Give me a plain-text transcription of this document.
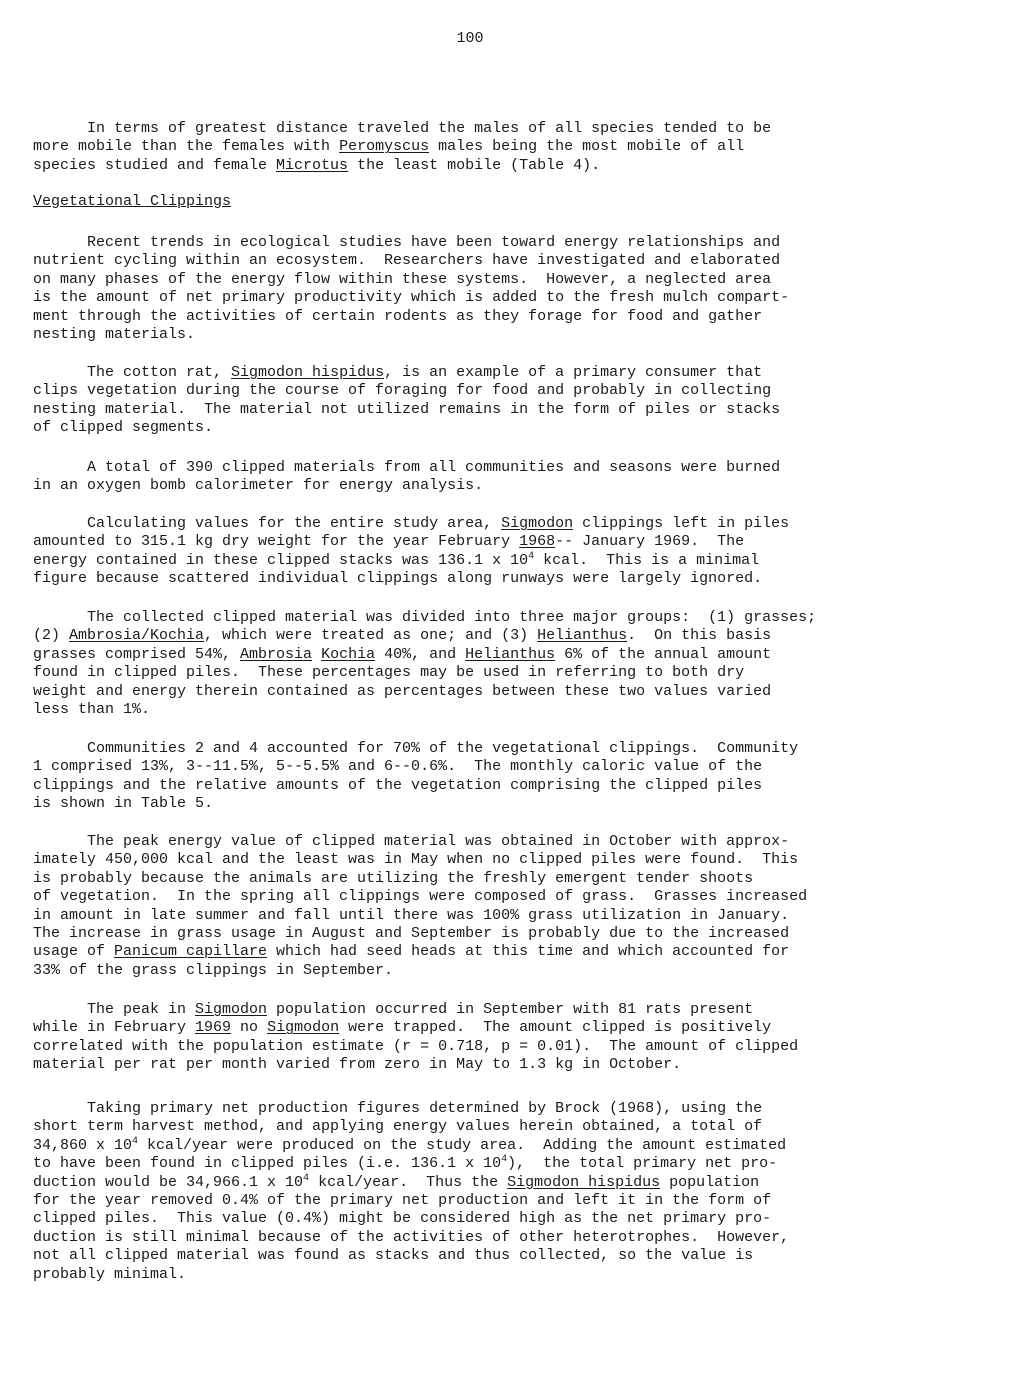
100
In terms of greatest distance traveled the males of all species tended to be
more mobile than the females with Peromyscus males being the most mobile of all
species studied and female Microtus the least mobile (Table 4).
Vegetational Clippings
Recent trends in ecological studies have been toward energy relationships and
nutrient cycling within an ecosystem.  Researchers have investigated and elaborated
on many phases of the energy flow within these systems.  However, a neglected area
is the amount of net primary productivity which is added to the fresh mulch compart-
ment through the activities of certain rodents as they forage for food and gather
nesting materials.
The cotton rat, Sigmodon hispidus, is an example of a primary consumer that
clips vegetation during the course of foraging for food and probably in collecting
nesting material.  The material not utilized remains in the form of piles or stacks
of clipped segments.
A total of 390 clipped materials from all communities and seasons were burned
in an oxygen bomb calorimeter for energy analysis.
Calculating values for the entire study area, Sigmodon clippings left in piles
amounted to 315.1 kg dry weight for the year February 1968-- January 1969.  The
energy contained in these clipped stacks was 136.1 x $10^4$ kcal.  This is a minimal
figure because scattered individual clippings along runways were largely ignored.
The collected clipped material was divided into three major groups:  (1) grasses;
(2) Ambrosia/Kochia, which were treated as one; and (3) Helianthus.  On this basis
grasses comprised 54%, Ambrosia Kochia 40%, and Helianthus 6% of the annual amount
found in clipped piles.  These percentages may be used in referring to both dry
weight and energy therein contained as percentages between these two values varied
less than 1%.
Communities 2 and 4 accounted for 70% of the vegetational clippings.  Community
1 comprised 13%, 3--11.5%, 5--5.5% and 6--0.6%.  The monthly caloric value of the
clippings and the relative amounts of the vegetation comprising the clipped piles
is shown in Table 5.
The peak energy value of clipped material was obtained in October with approx-
imately 450,000 kcal and the least was in May when no clipped piles were found.  This
is probably because the animals are utilizing the freshly emergent tender shoots
of vegetation.  In the spring all clippings were composed of grass.  Grasses increased
in amount in late summer and fall until there was 100% grass utilization in January.
The increase in grass usage in August and September is probably due to the increased
usage of Panicum capillare which had seed heads at this time and which accounted for
33% of the grass clippings in September.
The peak in Sigmodon population occurred in September with 81 rats present
while in February 1969 no Sigmodon were trapped.  The amount clipped is positively
correlated with the population estimate (r = 0.718, p = 0.01).  The amount of clipped
material per rat per month varied from zero in May to 1.3 kg in October.
Taking primary net production figures determined by Brock (1968), using the
short term harvest method, and applying energy values herein obtained, a total of
34,860 x $10^4$ kcal/year were produced on the study area.  Adding the amount estimated
to have been found in clipped piles (i.e. 136.1 x $10^4$),  the total primary net pro-
duction would be 34,966.1 x $10^4$ kcal/year.  Thus the Sigmodon hispidus population
for the year removed 0.4% of the primary net production and left it in the form of
clipped piles.  This value (0.4%) might be considered high as the net primary pro-
duction is still minimal because of the activities of other heterotrophes.  However,
not all clipped material was found as stacks and thus collected, so the value is
probably minimal.
